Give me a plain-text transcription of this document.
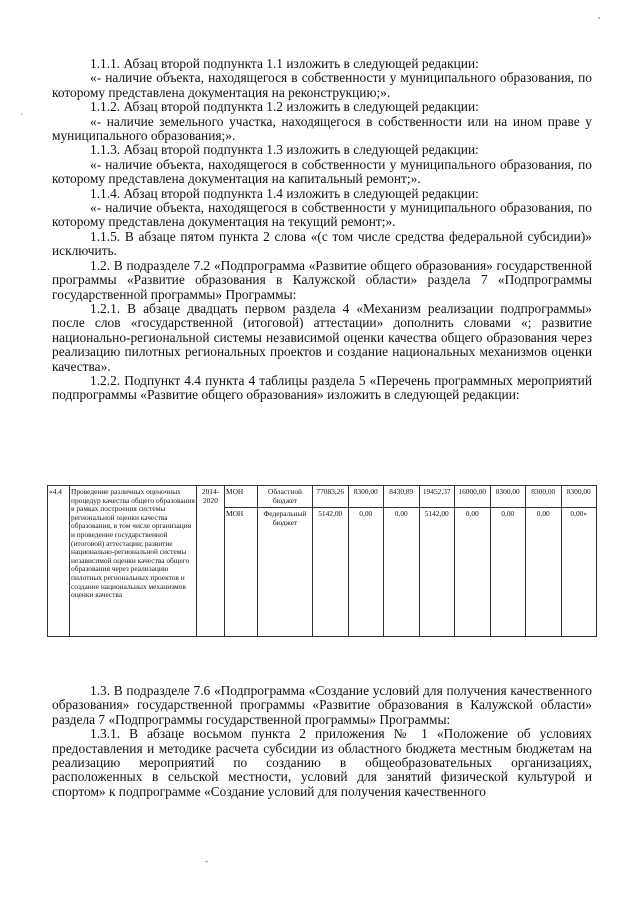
,
`

1.1.1. Абзац второй подпункта 1.1 изложить в следующей редакции:

«- наличие объекта, находящегося в собственности у муниципального образования, по которому представлена документация на реконструкцию;».

1.1.2. Абзац второй подпункта 1.2 изложить в следующей редакции:

«- наличие земельного участка, находящегося в собственности или на ином праве у муниципального образования;».

1.1.3. Абзац второй подпункта 1.3 изложить в следующей редакции:

«- наличие объекта, находящегося в собственности у муниципального образования, по которому представлена документация на капитальный ремонт;».

1.1.4. Абзац второй подпункта 1.4 изложить в следующей редакции:

«- наличие объекта, находящегося в собственности у муниципального образования, по которому представлена документация на текущий ремонт;».

1.1.5. В абзаце пятом пункта 2 слова «(с том числе средства федеральной субсидии)» исключить.

1.2. В подразделе 7.2 «Подпрограмма «Развитие общего образования» государственной программы «Развитие образования в Калужской области» раздела 7 «Подпрограммы государственной программы» Программы:

1.2.1. В абзаце двадцать первом раздела 4 «Механизм реализации подпрограммы» после слов «государственной (итоговой) аттестации» дополнить словами «; развитие национально-региональной системы независимой оценки качества общего образования через реализацию пилотных региональных проектов и создание национальных механизмов оценки качества».

1.2.2. Подпункт 4.4 пункта 4 таблицы раздела 5 «Перечень программных мероприятий подпрограммы «Развитие общего образования» изложить в следующей редакции:

«4.4	Проведение различных оценочных процедур качества общего образования в рамках построения системы региональной оценки качества образования, в том числе организация и проведение государственной (итоговой) аттестации; развитие национально-региональной системы независимой оценки качества общего образования через реализацию пилотных региональных проектов и создание национальных механизмов оценки качества	2014-2020	МОН	Областной бюджет	77083,26	8300,00	8430,89	19452,37	16000,00	8300,00	8300,00	8300,00
			МОН	Федеральный бюджет	5142,00	0,00	0,00	5142,00	0,00	0,00	0,00	0,00»

1.3. В подразделе 7.6 «Подпрограмма «Создание условий для получения качественного образования» государственной программы «Развитие образования в Калужской области» раздела 7 «Подпрограммы государственной программы» Программы:

1.3.1. В абзаце восьмом пункта 2 приложения № 1 «Положение об условиях предоставления и методике расчета субсидии из областного бюджета местным бюджетам на реализацию мероприятий по созданию в общеобразовательных организациях, расположенных в сельской местности, условий для занятий физической культурой и спортом» к подпрограмме «Создание условий для получения качественного

-
